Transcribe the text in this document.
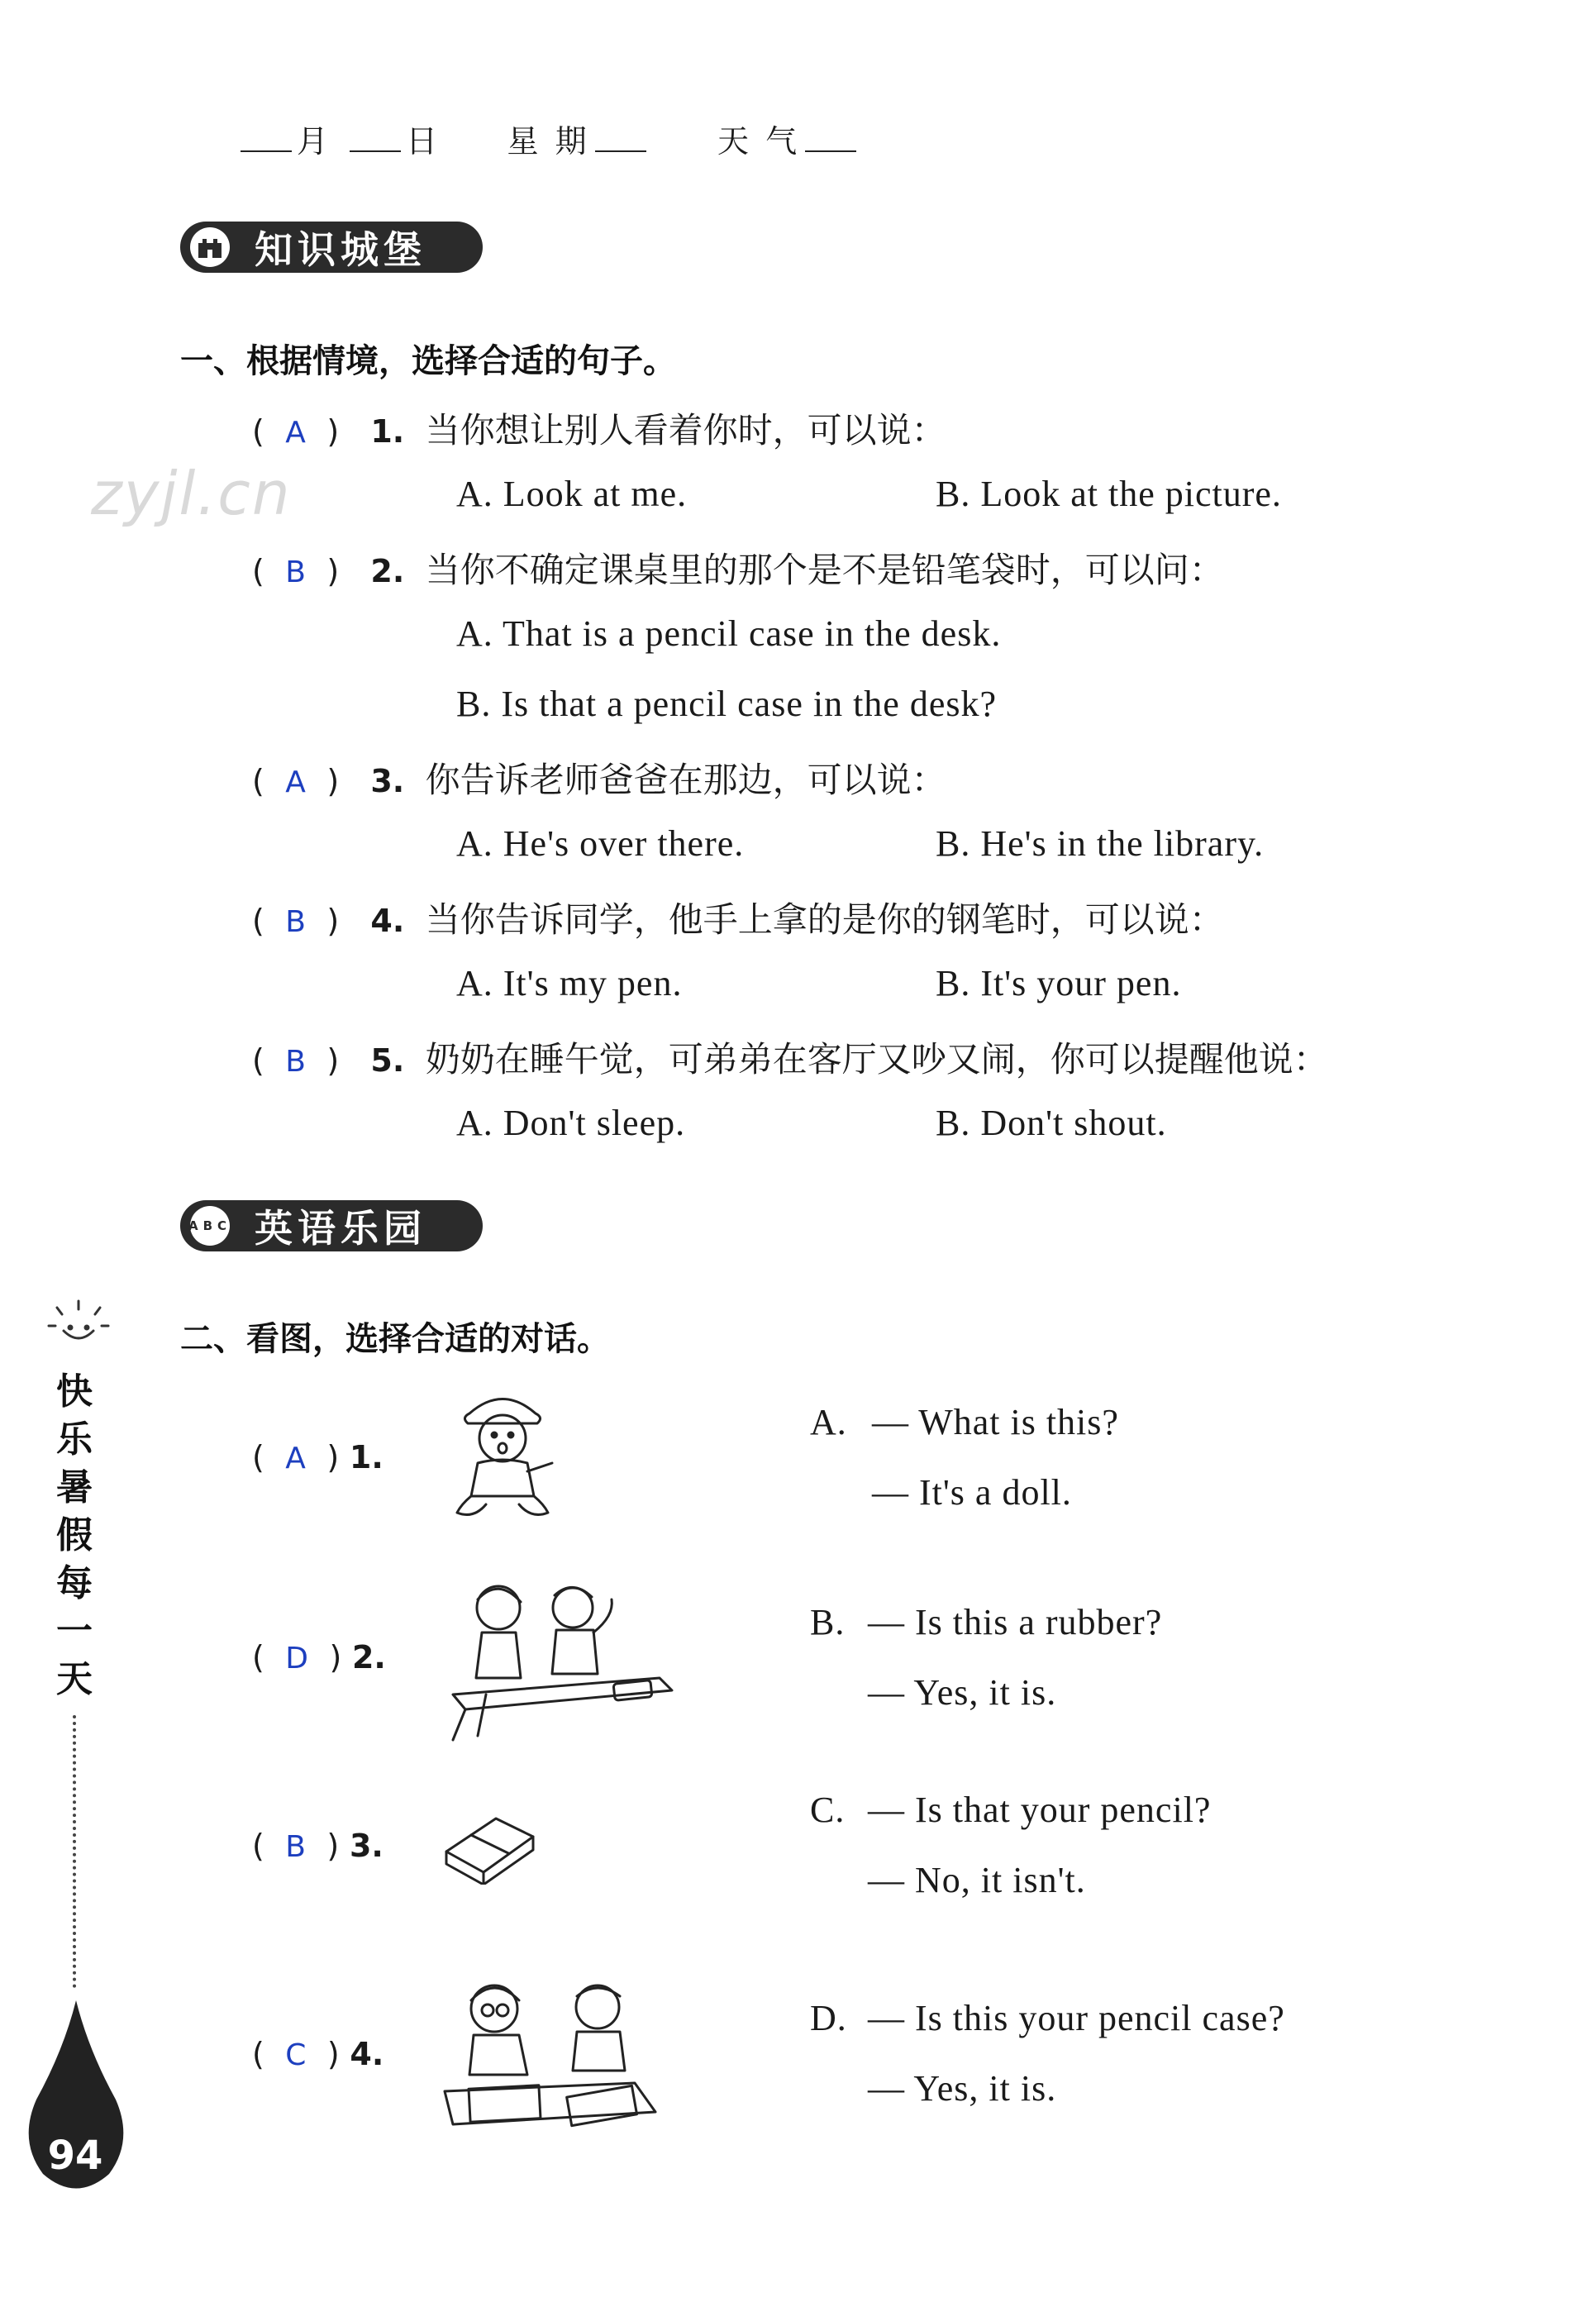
月 日 星 期	天 气
zyjl.cn
知识城堡
一、根据情境，选择合适的句子。
( A ) 1. 当你想让别人看着你时，可以说：
A. Look at me.	B. Look at the picture.
( B ) 2. 当你不确定课桌里的那个是不是铅笔袋时，可以问：
A. That is a pencil case in the desk.
B. Is that a pencil case in the desk?
( A ) 3. 你告诉老师爸爸在那边，可以说：
A. He's over there.	B. He's in the library.
( B ) 4. 当你告诉同学，他手上拿的是你的钢笔时，可以说：
A. It's my pen.	B. It's your pen.
( B ) 5. 奶奶在睡午觉，可弟弟在客厅又吵又闹，你可以提醒他说：
A. Don't sleep.	B. Don't shout.
ABC 英语乐园
二、看图，选择合适的对话。
( A ) 1.
( D ) 2.
( B ) 3.
( C ) 4.
A. — What is this?
— It's a doll.
B. — Is this a rubber?
— Yes, it is.
C. — Is that your pencil?
— No, it isn't.
D. — Is this your pencil case?
— Yes, it is.
快
乐
暑
假
每
一
天
94
